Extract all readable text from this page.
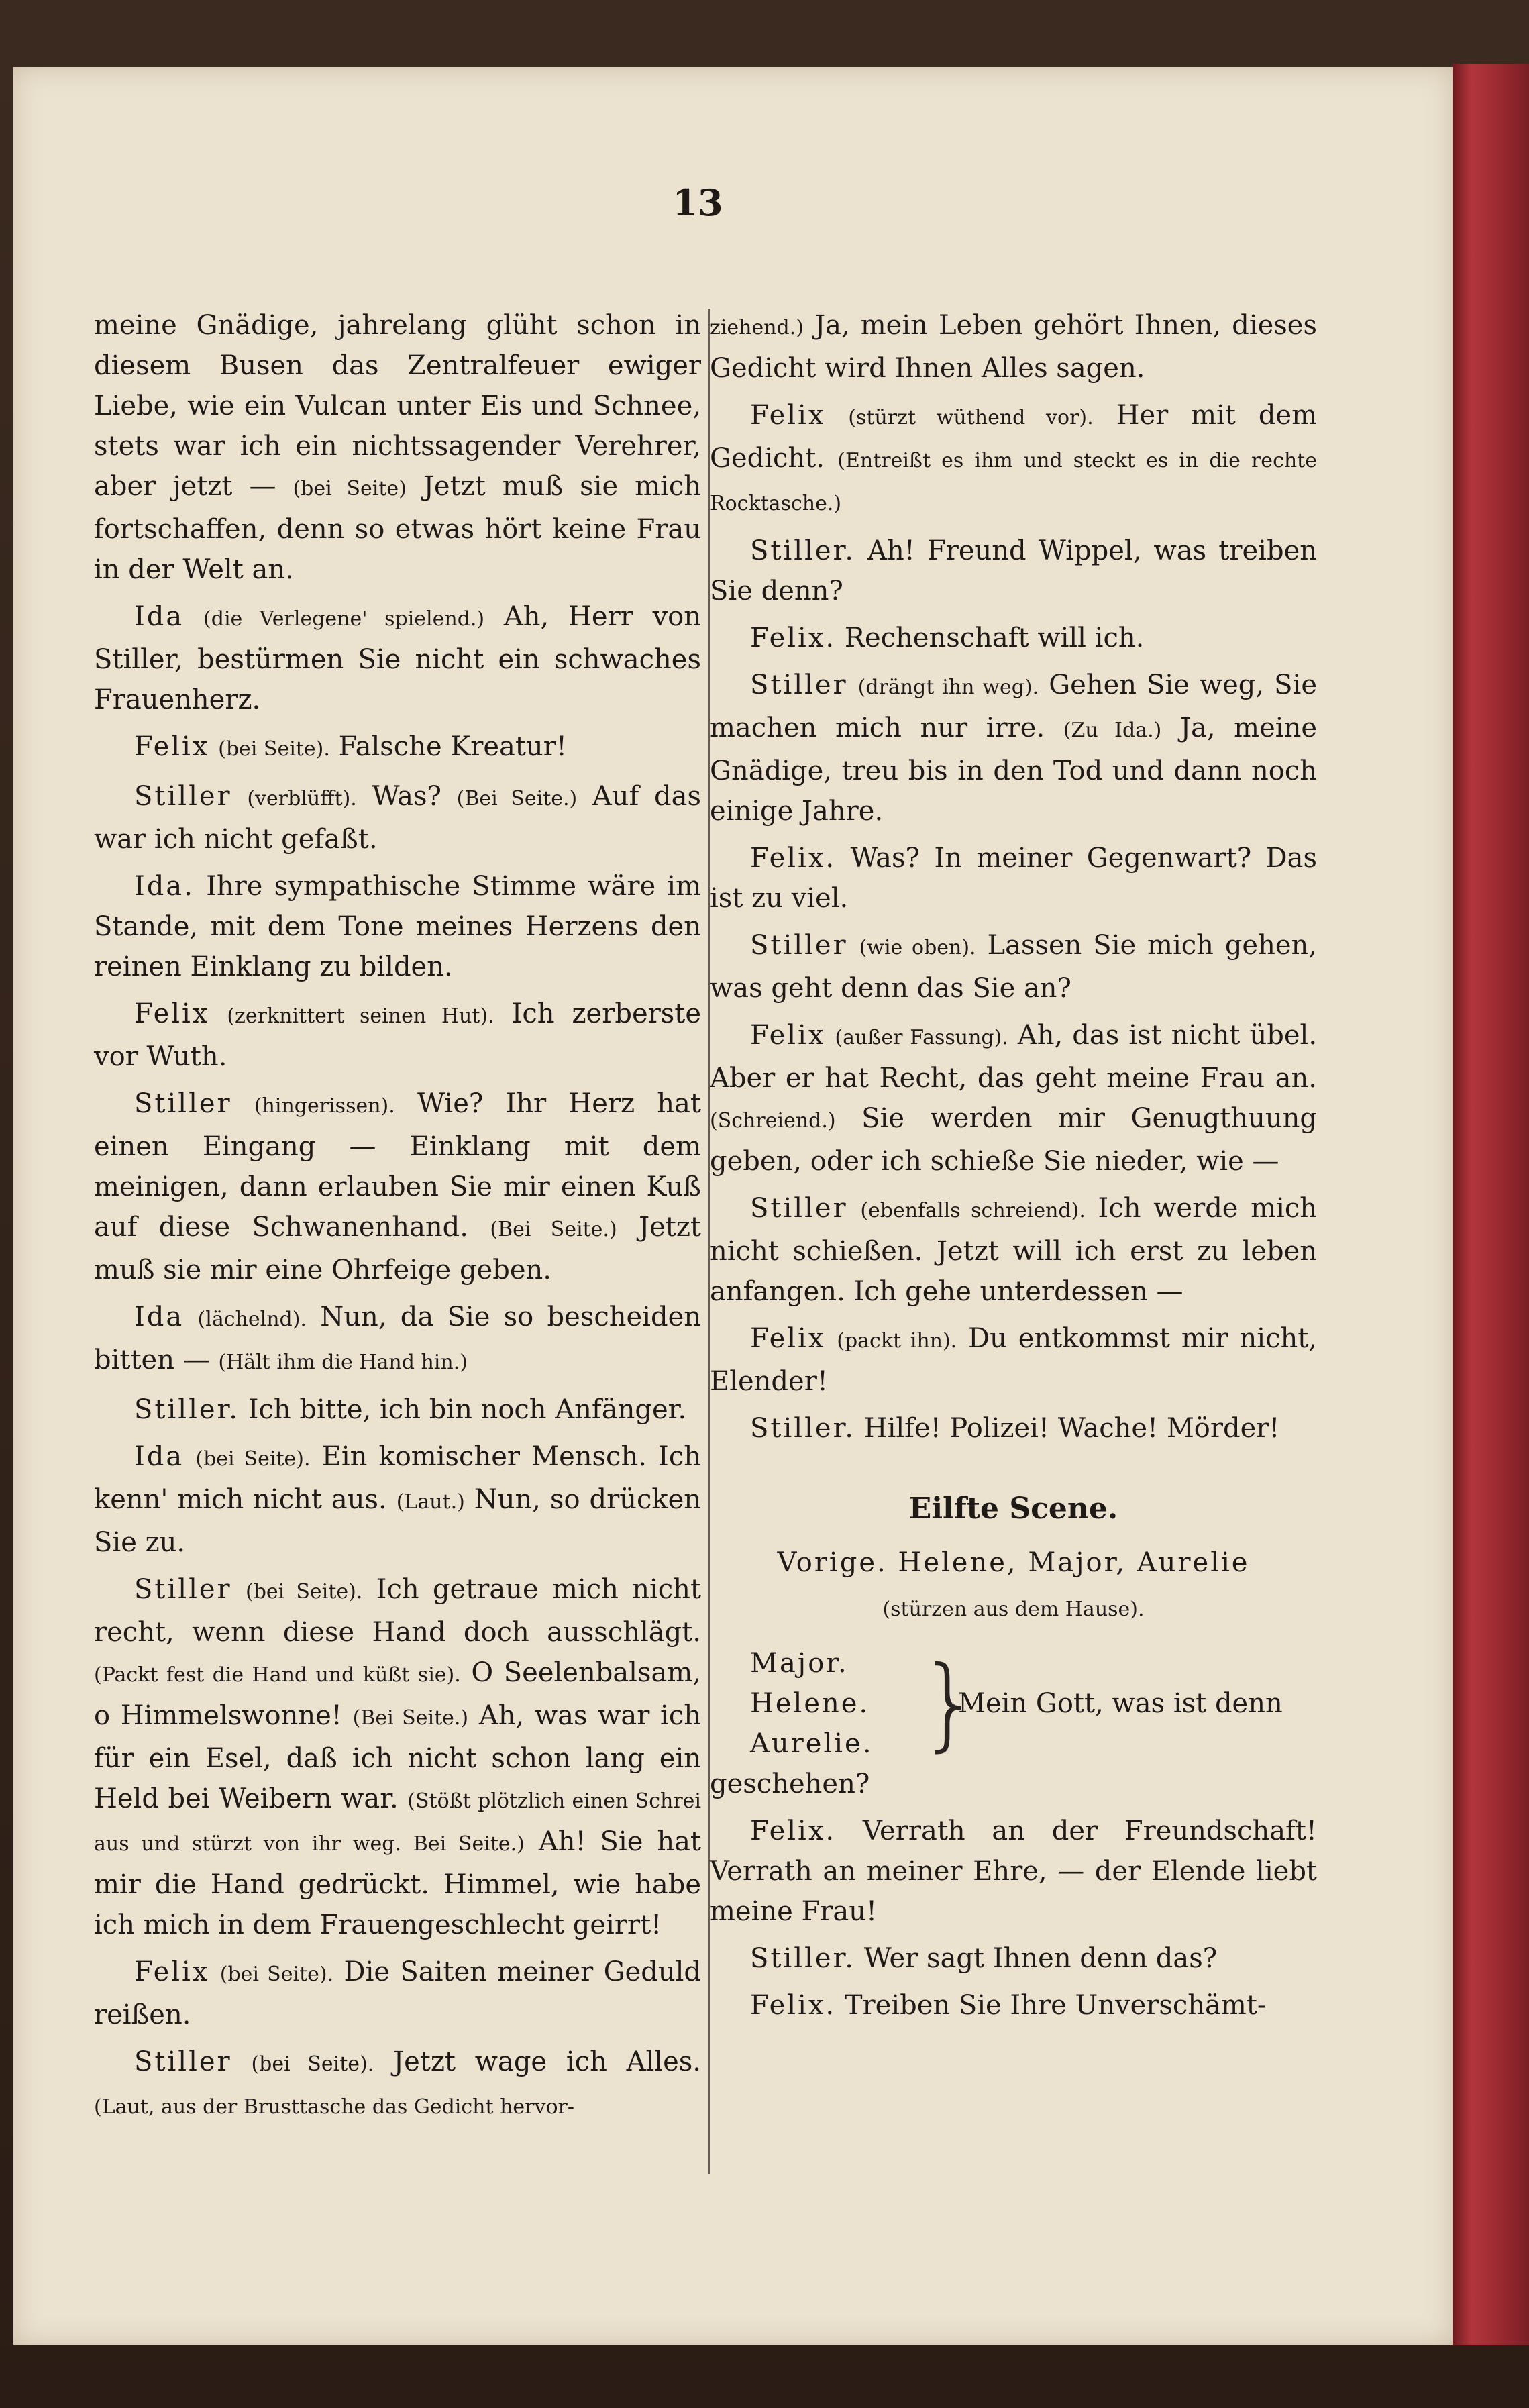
13

meine Gnädige, jahrelang glüht schon in diesem Busen das Zentralfeuer ewiger Liebe, wie ein Vulcan unter Eis und Schnee, stets war ich ein nichtssagender Verehrer, aber jetzt — (bei Seite) Jetzt muß sie mich fortschaffen, denn so etwas hört keine Frau in der Welt an.

Ida (die Verlegene' spielend.) Ah, Herr von Stiller, bestürmen Sie nicht ein schwaches Frauenherz.

Felix (bei Seite). Falsche Kreatur!

Stiller (verblüfft). Was? (Bei Seite.) Auf das war ich nicht gefaßt.

Ida. Ihre sympathische Stimme wäre im Stande, mit dem Tone meines Herzens den reinen Einklang zu bilden.

Felix (zerknittert seinen Hut). Ich zerberste vor Wuth.

Stiller (hingerissen). Wie? Ihr Herz hat einen Eingang — Einklang mit dem meinigen, dann erlauben Sie mir einen Kuß auf diese Schwanenhand. (Bei Seite.) Jetzt muß sie mir eine Ohrfeige geben.

Ida (lächelnd). Nun, da Sie so bescheiden bitten — (Hält ihm die Hand hin.)

Stiller. Ich bitte, ich bin noch Anfänger.

Ida (bei Seite). Ein komischer Mensch. Ich kenn' mich nicht aus. (Laut.) Nun, so drücken Sie zu.

Stiller (bei Seite). Ich getraue mich nicht recht, wenn diese Hand doch ausschlägt. (Packt fest die Hand und küßt sie). O Seelenbalsam, o Himmelswonne! (Bei Seite.) Ah, was war ich für ein Esel, daß ich nicht schon lang ein Held bei Weibern war. (Stößt plötzlich einen Schrei aus und stürzt von ihr weg. Bei Seite.) Ah! Sie hat mir die Hand gedrückt. Himmel, wie habe ich mich in dem Frauengeschlecht geirrt!

Felix (bei Seite). Die Saiten meiner Geduld reißen.

Stiller (bei Seite). Jetzt wage ich Alles. (Laut, aus der Brusttasche das Gedicht hervor-

ziehend.) Ja, mein Leben gehört Ihnen, dieses Gedicht wird Ihnen Alles sagen.

Felix (stürzt wüthend vor). Her mit dem Gedicht. (Entreißt es ihm und steckt es in die rechte Rocktasche.)

Stiller. Ah! Freund Wippel, was treiben Sie denn?

Felix. Rechenschaft will ich.

Stiller (drängt ihn weg). Gehen Sie weg, Sie machen mich nur irre. (Zu Ida.) Ja, meine Gnädige, treu bis in den Tod und dann noch einige Jahre.

Felix. Was? In meiner Gegenwart? Das ist zu viel.

Stiller (wie oben). Lassen Sie mich gehen, was geht denn das Sie an?

Felix (außer Fassung). Ah, das ist nicht übel. Aber er hat Recht, das geht meine Frau an. (Schreiend.) Sie werden mir Genugthuung geben, oder ich schieße Sie nieder, wie —

Stiller (ebenfalls schreiend). Ich werde mich nicht schießen. Jetzt will ich erst zu leben anfangen. Ich gehe unterdessen —

Felix (packt ihn). Du entkommst mir nicht, Elender!

Stiller. Hilfe! Polizei! Wache! Mörder!

Eilfte Scene.

Vorige. Helene, Major, Aurelie

(stürzen aus dem Hause).

Major.
Helene.
Aurelie. }
Mein Gott, was ist denn

geschehen?

Felix. Verrath an der Freundschaft! Verrath an meiner Ehre, — der Elende liebt meine Frau!

Stiller. Wer sagt Ihnen denn das?

Felix. Treiben Sie Ihre Unverschämt-
